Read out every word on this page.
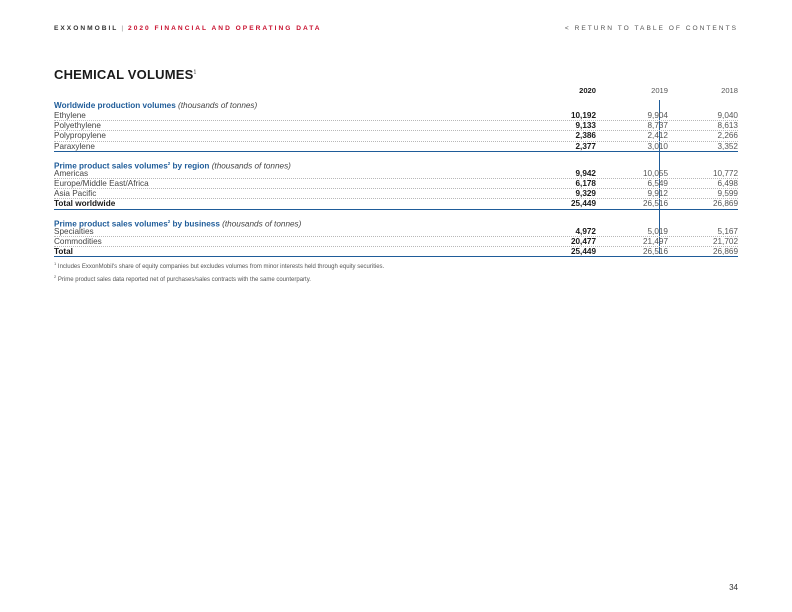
EXXONMOBIL | 2020 FINANCIAL AND OPERATING DATA	< RETURN TO TABLE OF CONTENTS
CHEMICAL VOLUMES$^1$
2020	2019	2018
Worldwide production volumes (thousands of tonnes)
Ethylene	10,192	9,904	9,040
Polyethylene	9,133	8,737	8,613
Polypropylene	2,386	2,412	2,266
Paraxylene	2,377	3,010	3,352
Prime product sales volumes$^2$ by region (thousands of tonnes)
Americas	9,942	10,055	10,772
Europe/Middle East/Africa	6,178	6,549	6,498
Asia Pacific	9,329	9,912	9,599
Total worldwide	25,449	26,516	26,869
Prime product sales volumes$^2$ by business (thousands of tonnes)
Specialties	4,972	5,019	5,167
Commodities	20,477	21,497	21,702
Total	25,449	26,516	26,869
$^1$ Includes ExxonMobil's share of equity companies but excludes volumes from minor interests held through equity securities.
$^2$ Prime product sales data reported net of purchases/sales contracts with the same counterparty.
34
